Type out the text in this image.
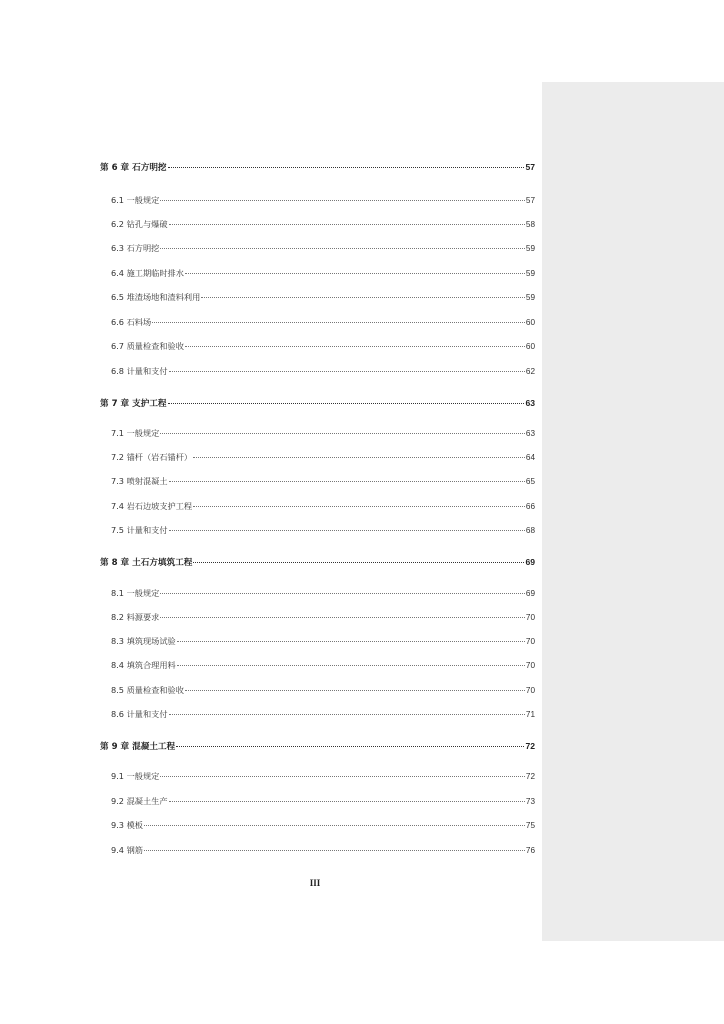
第 6 章 石方明挖	57
6.1 一般规定	57
6.2 钻孔与爆破	58
6.3 石方明挖	59
6.4 施工期临时排水	59
6.5 堆渣场地和渣料利用	59
6.6 石料场	60
6.7 质量检查和验收	60
6.8 计量和支付	62
第 7 章 支护工程	63
7.1 一般规定	63
7.2 锚杆（岩石锚杆）	64
7.3 喷射混凝土	65
7.4 岩石边坡支护工程	66
7.5 计量和支付	68
第 8 章 土石方填筑工程	69
8.1 一般规定	69
8.2 料源要求	70
8.3 填筑现场试验	70
8.4 填筑合理用料	70
8.5 质量检查和验收	70
8.6 计量和支付	71
第 9 章 混凝土工程	72
9.1 一般规定	72
9.2 混凝土生产	73
9.3 模板	75
9.4 钢筋	76
III
